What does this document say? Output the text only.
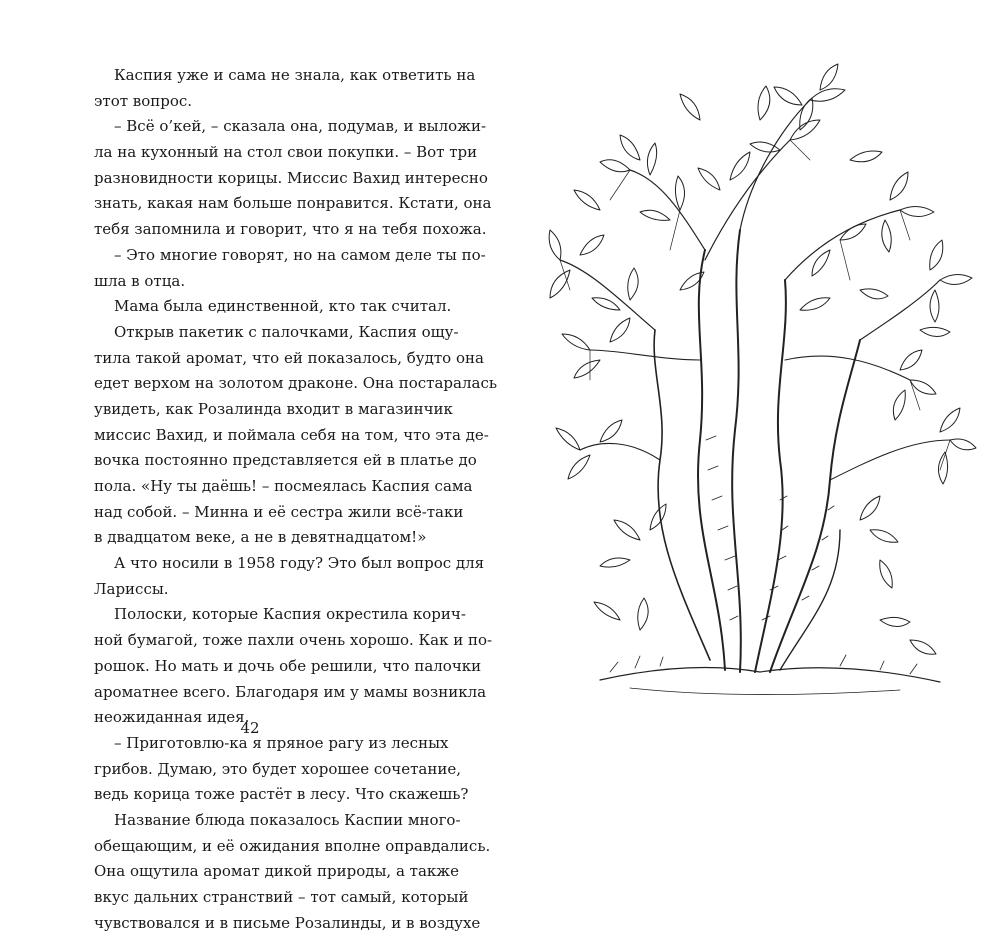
Каспия уже и сама не знала, как ответить на
этот вопрос.
– Всё о’кей, – сказала она, подумав, и выложи-
ла на кухонный на стол свои покупки. – Вот три
разновидности корицы. Миссис Вахид интересно
знать, какая нам больше понравится. Кстати, она
тебя запомнила и говорит, что я на тебя похожа.
– Это многие говорят, но на самом деле ты по-
шла в отца.
Мама была единственной, кто так считал.
Открыв пакетик с палочками, Каспия ощу-
тила такой аромат, что ей показалось, будто она
едет верхом на золотом драконе. Она постаралась
увидеть, как Розалинда входит в магазинчик
миссис Вахид, и поймала себя на том, что эта де-
вочка постоянно представляется ей в платье до
пола. «Ну ты даёшь! – посмеялась Каспия сама
над собой. – Минна и её сестра жили всё-таки
в двадцатом веке, а не в девятнадцатом!»
А что носили в 1958 году? Это был вопрос для
Ларисcы.
Полоски, которые Каспия окрестила корич-
ной бумагой, тоже пахли очень хорошо. Как и по-
рошок. Но мать и дочь обе решили, что палочки
ароматнее всего. Благодаря им у мамы возникла
неожиданная идея.
– Приготовлю-ка я пряное рагу из лесных
грибов. Думаю, это будет хорошее сочетание,
ведь корица тоже растёт в лесу. Что скажешь?
Название блюда показалось Каспии много-
обещающим, и её ожидания вполне оправдались.
Она ощутила аромат дикой природы, а также
вкус дальних странствий – тот самый, который
чувствовался и в письме Розалинды, и в воздухе
42
